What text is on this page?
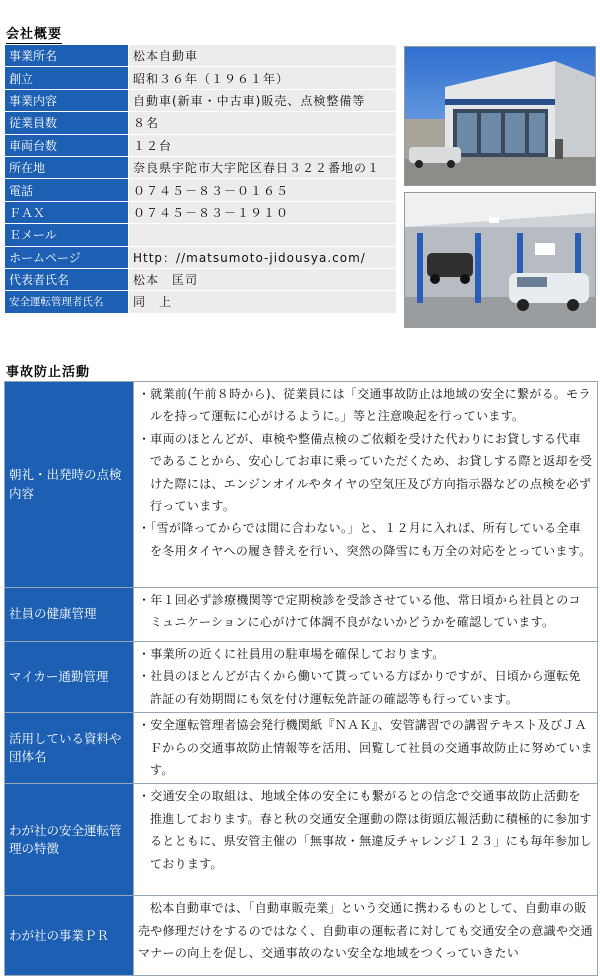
会社概要
事業所名	松本自動車
創立	昭和３６年（１９６１年）
事業内容	自動車(新車・中古車)販売、点検整備等
従業員数	８名
車両台数	１２台
所在地	奈良県宇陀市大宇陀区春日３２２番地の１
電話	０７４５－８３－０１６５
ＦＡＸ	０７４５－８３－１９１０
Ｅメール	
ホームページ	Http：//matsumoto-jidousya.com/
代表者氏名	松本　匡司
安全運転管理者氏名	同　上
事故防止活動
朝礼・出発時の点検内容	・就業前(午前８時から)、従業員には「交通事故防止は地域の安全に繋がる。モラルを持って運転に心がけるように。」等と注意喚起を行っています。
・車両のほとんどが、車検や整備点検のご依頼を受けた代わりにお貸しする代車であることから、安心してお車に乗っていただくため、お貸しする際と返却を受けた際には、エンジンオイルやタイヤの空気圧及び方向指示器などの点検を必ず行っています。
・「雪が降ってからでは間に合わない。」と、１２月に入れば、所有している全車を冬用タイヤへの履き替えを行い、突然の降雪にも万全の対応をとっています。

社員の健康管理	・年１回必ず診療機関等で定期検診を受診させている他、常日頃から社員とのコミュニケーションに心がけて体調不良がないかどうかを確認しています。

マイカー通勤管理	・事業所の近くに社員用の駐車場を確保しております。
・社員のほとんどが古くから働いて貰っている方ばかりですが、日頃から運転免許証の有効期間にも気を付け運転免許証の確認等も行っています。

活用している資料や団体名	・安全運転管理者協会発行機関紙『ＮＡＫ』、安管講習での講習テキスト及びＪＡＦからの交通事故防止情報等を活用、回覧して社員の交通事故防止に努めています。

わが社の安全運転管理の特徴	・交通安全の取組は、地域全体の安全にも繋がるとの信念で交通事故防止活動を推進しております。春と秋の交通安全運動の際は街頭広報活動に積極的に参加するとともに、県安管主催の「無事故・無違反チャレンジ１２３」にも毎年参加しております。

わが社の事業ＰＲ	松本自動車では、「自動車販売業」という交通に携わるものとして、自動車の販売や修理だけをするのではなく、自動車の運転者に対しても交通安全の意識や交通マナーの向上を促し、交通事故のない安全な地域をつくっていきたい
